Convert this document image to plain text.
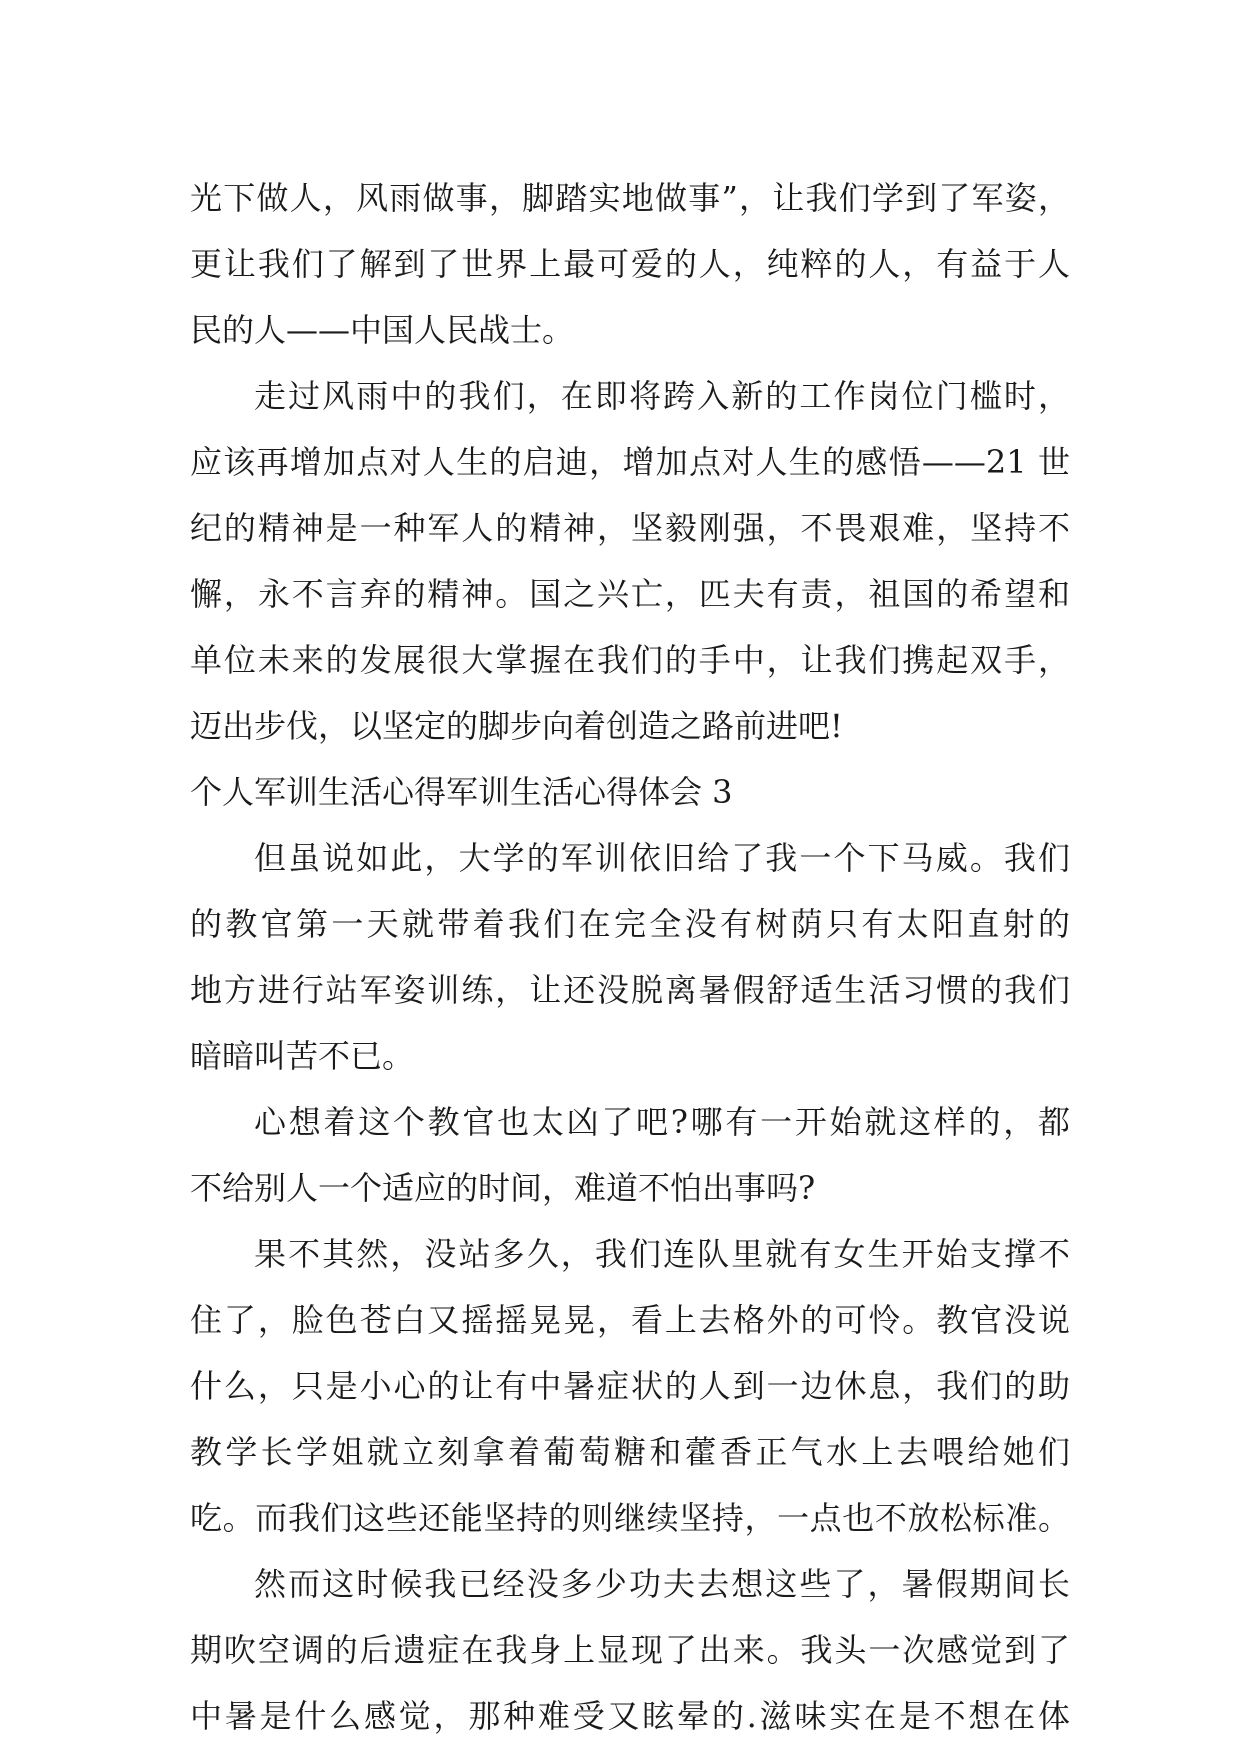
光下做人，风雨做事，脚踏实地做事”，让我们学到了军姿，
更让我们了解到了世界上最可爱的人，纯粹的人，有益于人
民的人——中国人民战士。
走过风雨中的我们，在即将跨入新的工作岗位门槛时，
应该再增加点对人生的启迪，增加点对人生的感悟——21 世
纪的精神是一种军人的精神，坚毅刚强，不畏艰难，坚持不
懈，永不言弃的精神。国之兴亡，匹夫有责，祖国的希望和
单位未来的发展很大掌握在我们的手中，让我们携起双手，
迈出步伐，以坚定的脚步向着创造之路前进吧!
个人军训生活心得军训生活心得体会 3
但虽说如此，大学的军训依旧给了我一个下马威。我们
的教官第一天就带着我们在完全没有树荫只有太阳直射的
地方进行站军姿训练，让还没脱离暑假舒适生活习惯的我们
暗暗叫苦不已。
心想着这个教官也太凶了吧?哪有一开始就这样的，都
不给别人一个适应的时间，难道不怕出事吗?
果不其然，没站多久，我们连队里就有女生开始支撑不
住了，脸色苍白又摇摇晃晃，看上去格外的可怜。教官没说
什么，只是小心的让有中暑症状的人到一边休息，我们的助
教学长学姐就立刻拿着葡萄糖和藿香正气水上去喂给她们
吃。而我们这些还能坚持的则继续坚持，一点也不放松标准。
然而这时候我已经没多少功夫去想这些了，暑假期间长
期吹空调的后遗症在我身上显现了出来。我头一次感觉到了
中暑是什么感觉，那种难受又眩晕的.滋味实在是不想在体
